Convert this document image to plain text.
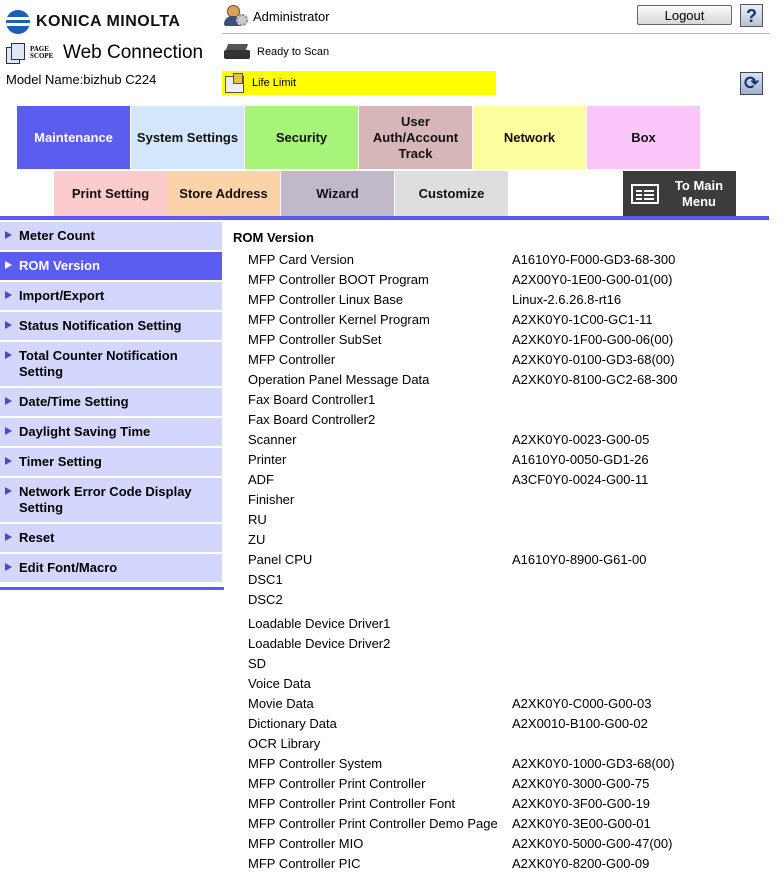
KONICA MINOLTA
PAGE SCOPE Web Connection
Model Name:bizhub C224
Administrator	Logout	?
Ready to Scan
Life Limit	⟳
Maintenance System Settings	Security
User Auth/Account Track
Network	Box
Print Setting Store Address	Wizard	Customize
To Main Menu
Meter Count
ROM Version
Import/Export
Status Notification Setting
Total Counter Notification Setting
Date/Time Setting
Daylight Saving Time
Timer Setting
Network Error Code Display Setting
Reset
Edit Font/Macro
ROM Version
MFP Card Version	A1610Y0-F000-GD3-68-300
MFP Controller BOOT Program	A2X00Y0-1E00-G00-01(00)
MFP Controller Linux Base	Linux-2.6.26.8-rt16
MFP Controller Kernel Program	A2XK0Y0-1C00-GC1-11
MFP Controller SubSet	A2XK0Y0-1F00-G00-06(00)
MFP Controller	A2XK0Y0-0100-GD3-68(00)
Operation Panel Message Data	A2XK0Y0-8100-GC2-68-300
Fax Board Controller1
Fax Board Controller2
Scanner	A2XK0Y0-0023-G00-05
Printer	A1610Y0-0050-GD1-26
ADF	A3CF0Y0-0024-G00-11
Finisher
RU
ZU
Panel CPU	A1610Y0-8900-G61-00
DSC1
DSC2
Loadable Device Driver1
Loadable Device Driver2
SD
Voice Data
Movie Data	A2XK0Y0-C000-G00-03
Dictionary Data	A2X0010-B100-G00-02
OCR Library
MFP Controller System	A2XK0Y0-1000-GD3-68(00)
MFP Controller Print Controller	A2XK0Y0-3000-G00-75
MFP Controller Print Controller Font	A2XK0Y0-3F00-G00-19
MFP Controller Print Controller Demo Page A2XK0Y0-3E00-G00-01
MFP Controller MIO	A2XK0Y0-5000-G00-47(00)
MFP Controller PIC	A2XK0Y0-8200-G00-09
